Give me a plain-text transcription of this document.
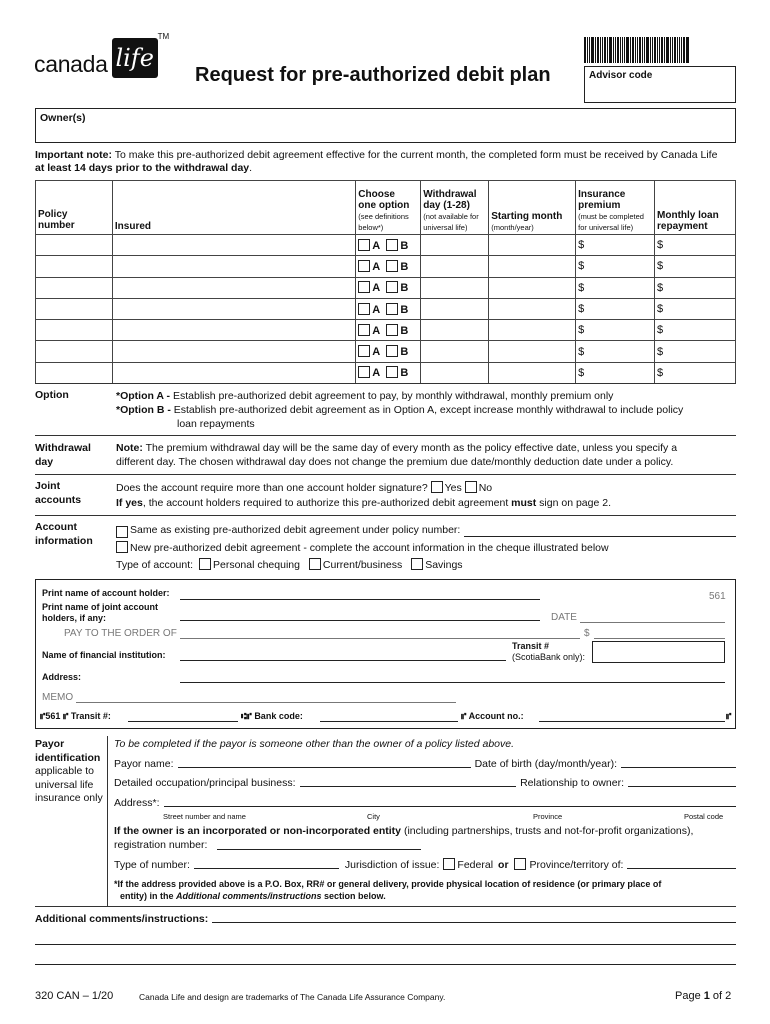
canada life
TM
Request for pre-authorized debit plan	Advisor code
Owner(s)
Important note: To make this pre-authorized debit agreement effective for the current month, the completed form must be received by Canada Life
at least 14 days prior to the withdrawal day.
Policy
number	Insured	Choose
one option
(see definitions
below*)	Withdrawal
day (1-28)
(not available for
universal life)	Starting month
(month/year)	Insurance
premium
(must be completed
for universal life)	Monthly loan
repayment
		A B			$	$
		A B			$	$
		A B			$	$
		A B			$	$
		A B			$	$
		A B			$	$
		A B			$	$
Option	*Option A - Establish pre-authorized debit agreement to pay, by monthly withdrawal, monthly premium only
*Option B - Establish pre-authorized debit agreement as in Option A, except increase monthly withdrawal to include policy
loan repayments
Withdrawal
day
Note: The premium withdrawal day will be the same day of every month as the policy effective date, unless you specify a
different day. The chosen withdrawal day does not change the premium due date/monthly deduction date under a policy.
Joint
accounts
Does the account require more than one account holder signature? Yes No
If yes, the account holders required to authorize this pre-authorized debit agreement must sign on page 2.
Account
information
Same as existing pre-authorized debit agreement under policy number:
New pre-authorized debit agreement - complete the account information in the cheque illustrated below
Type of account: Personal chequing Current/business Savings
Print name of account holder:
Print name of joint account
holders, if any:
561
DATE
PAY TO THE ORDER OF	$
Name of financial institution:
Transit #
(ScotiaBank only):
Address:
MEMO
⑈561 ⑈ Transit #:	⑆⑈ Bank code:	⑈ Account no.:	⑈
Payor
identification
applicable to
universal life
insurance only
To be completed if the payor is someone other than the owner of a policy listed above.
Payor name:	Date of birth (day/month/year):
Detailed occupation/principal business:	Relationship to owner:
Address*:
Street number and name	City	Province	Postal code
If the owner is an incorporated or non-incorporated entity (including partnerships, trusts and not-for-profit organizations),
registration number:
Type of number:	Jurisdiction of issue: Federal or Province/territory of:
*If the address provided above is a P.O. Box, RR# or general delivery, provide physical location of residence (or primary place of
entity) in the Additional comments/instructions section below.
Additional comments/instructions:
320 CAN – 1/20	Canada Life and design are trademarks of The Canada Life Assurance Company.	Page 1 of 2
